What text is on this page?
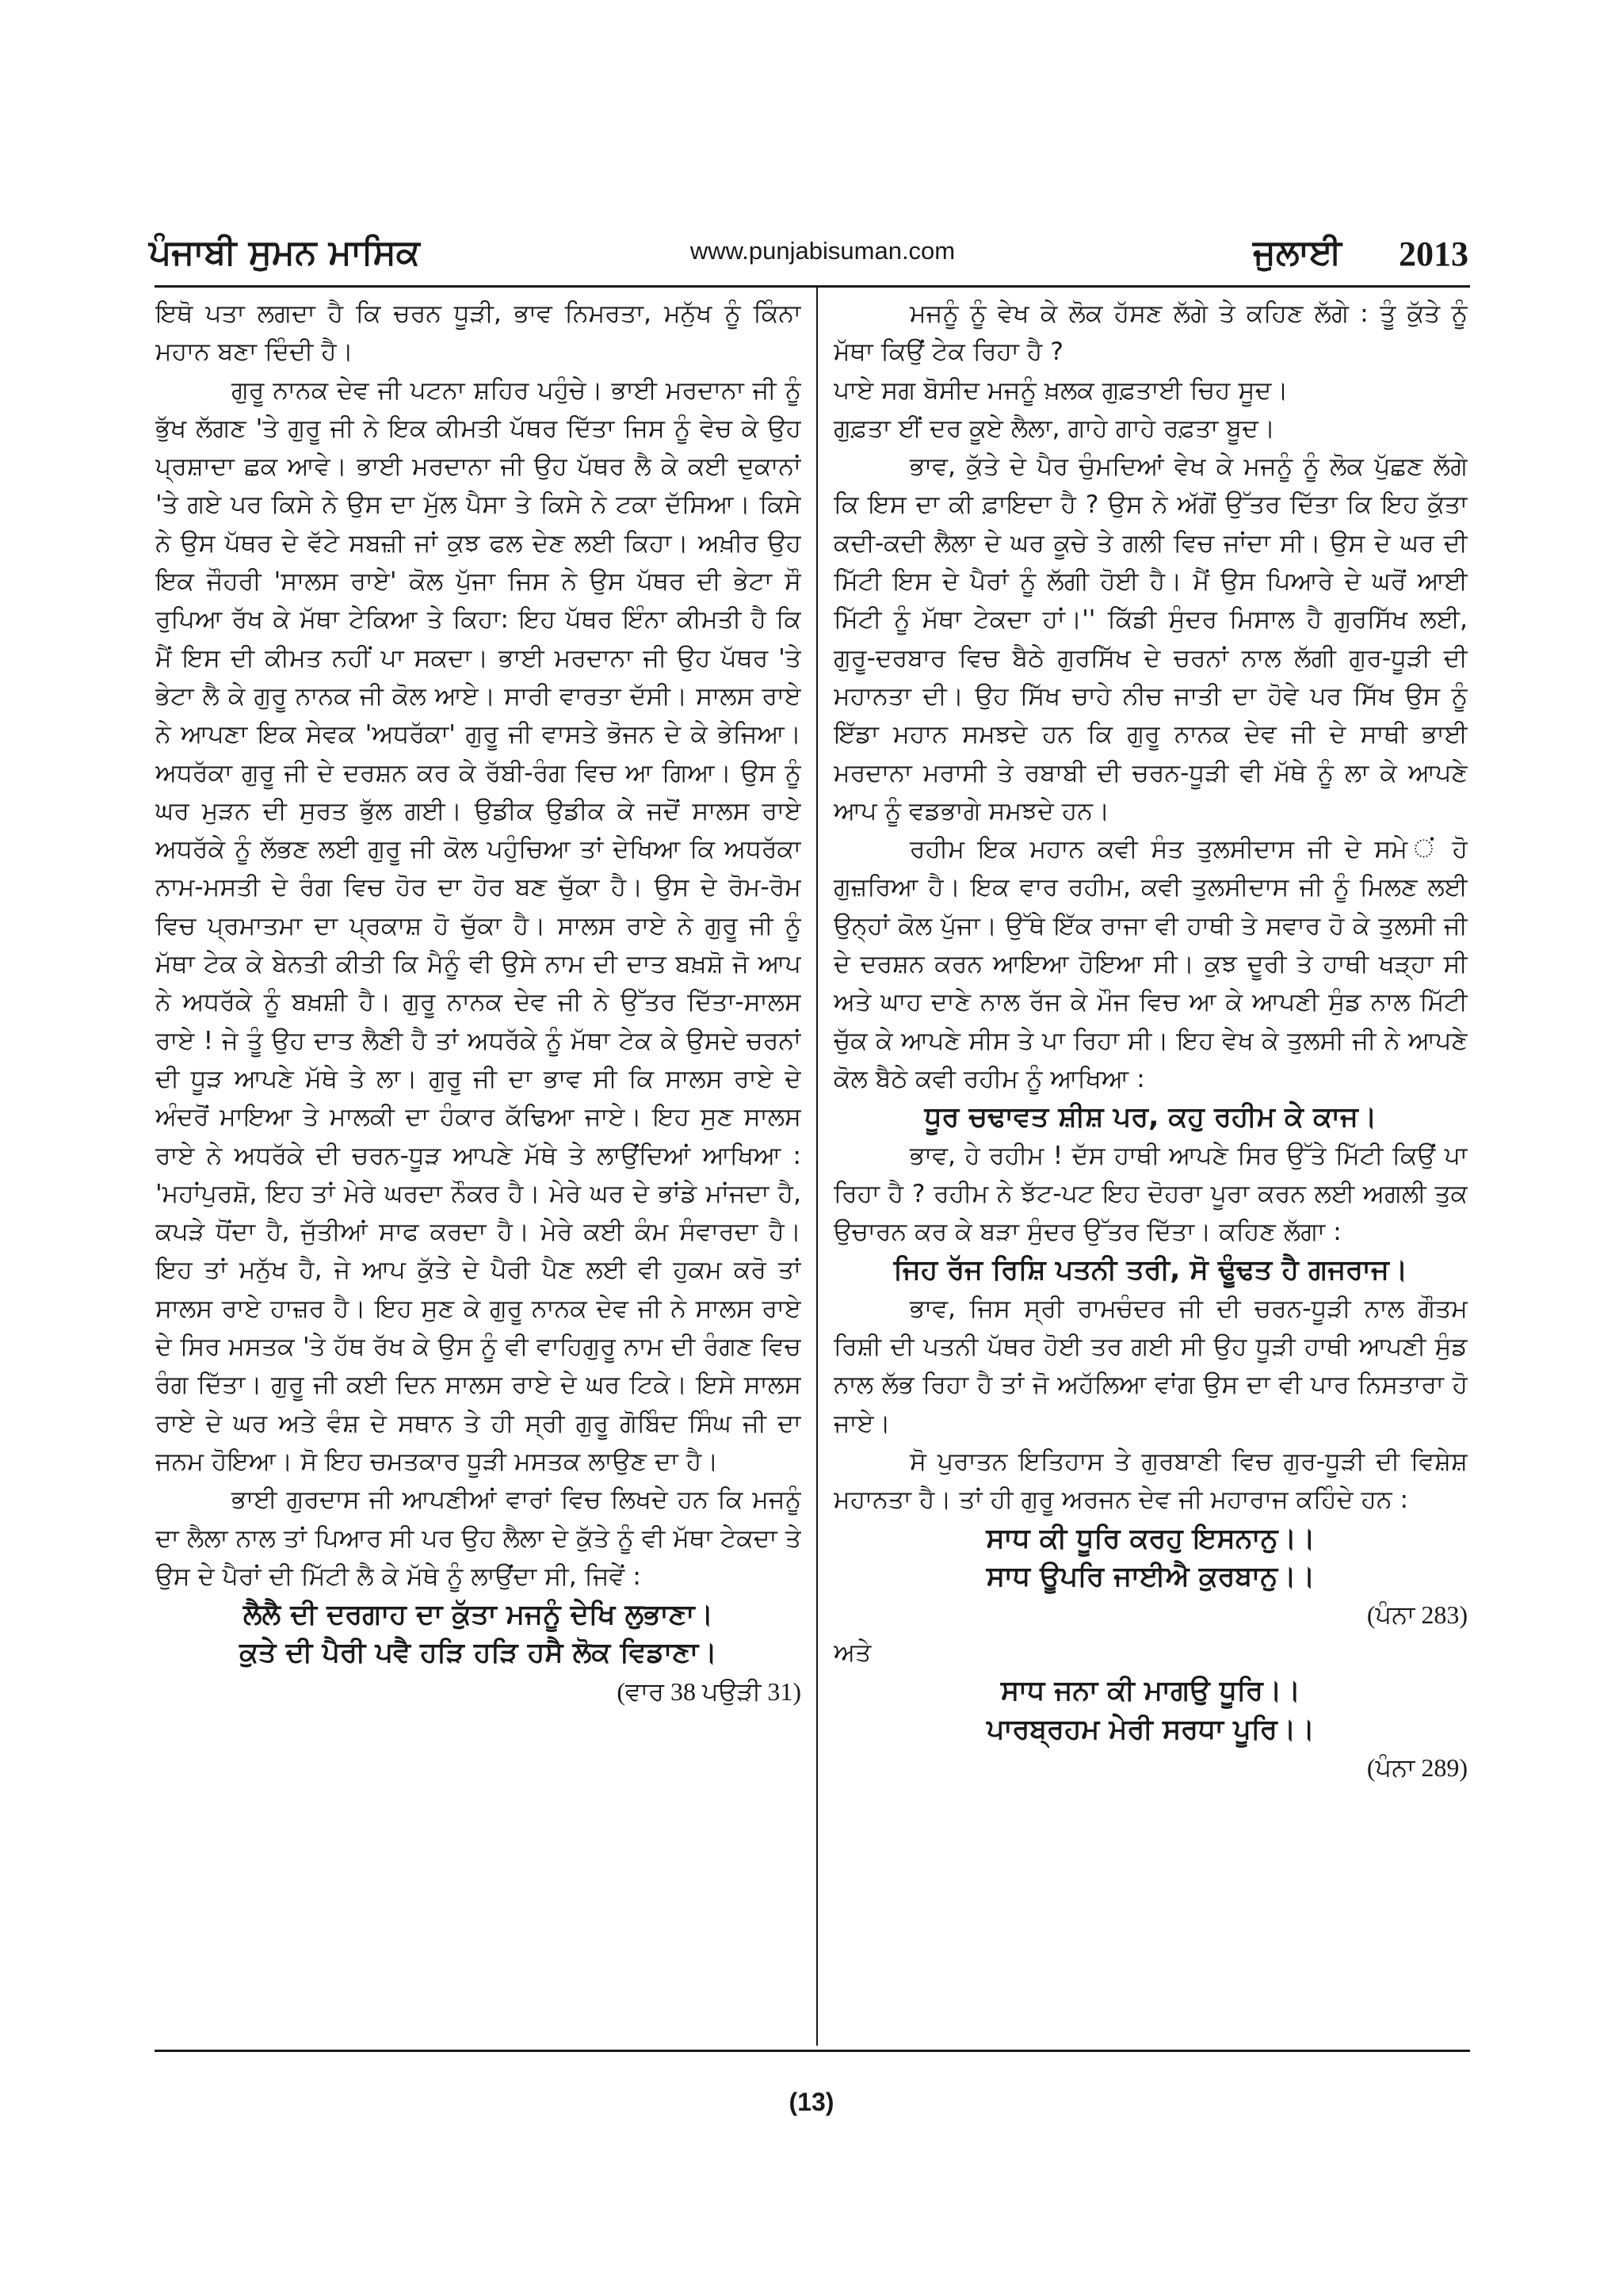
ਪੰਜਾਬੀ ਸੁਮਨ ਮਾਸਿਕ	www.punjabisuman.com	ਜੁਲਾਈ 2013

ਇਥੋ ਪਤਾ ਲਗਦਾ ਹੈ ਕਿ ਚਰਨ ਧੂੜੀ, ਭਾਵ ਨਿਮਰਤਾ, ਮਨੁੱਖ ਨੂੰ ਕਿੰਨਾ ਮਹਾਨ ਬਣਾ ਦਿੰਦੀ ਹੈ।

ਗੁਰੂ ਨਾਨਕ ਦੇਵ ਜੀ ਪਟਨਾ ਸ਼ਹਿਰ ਪਹੁੰਚੇ। ਭਾਈ ਮਰਦਾਨਾ ਜੀ ਨੂੰ ਭੁੱਖ ਲੱਗਣ 'ਤੇ ਗੁਰੂ ਜੀ ਨੇ ਇਕ ਕੀਮਤੀ ਪੱਥਰ ਦਿੱਤਾ ਜਿਸ ਨੂੰ ਵੇਚ ਕੇ ਉਹ ਪ੍ਰਸ਼ਾਦਾ ਛਕ ਆਵੇ। ਭਾਈ ਮਰਦਾਨਾ ਜੀ ਉਹ ਪੱਥਰ ਲੈ ਕੇ ਕਈ ਦੁਕਾਨਾਂ 'ਤੇ ਗਏ ਪਰ ਕਿਸੇ ਨੇ ਉਸ ਦਾ ਮੁੱਲ ਪੈਸਾ ਤੇ ਕਿਸੇ ਨੇ ਟਕਾ ਦੱਸਿਆ। ਕਿਸੇ ਨੇ ਉਸ ਪੱਥਰ ਦੇ ਵੱਟੇ ਸਬਜ਼ੀ ਜਾਂ ਕੁਝ ਫਲ ਦੇਣ ਲਈ ਕਿਹਾ। ਅਖ਼ੀਰ ਉਹ ਇਕ ਜੌਹਰੀ 'ਸਾਲਸ ਰਾਏ' ਕੋਲ ਪੁੱਜਾ ਜਿਸ ਨੇ ਉਸ ਪੱਥਰ ਦੀ ਭੇਟਾ ਸੌ ਰੁਪਿਆ ਰੱਖ ਕੇ ਮੱਥਾ ਟੇਕਿਆ ਤੇ ਕਿਹਾ: ਇਹ ਪੱਥਰ ਇੰਨਾ ਕੀਮਤੀ ਹੈ ਕਿ ਮੈਂ ਇਸ ਦੀ ਕੀਮਤ ਨਹੀਂ ਪਾ ਸਕਦਾ। ਭਾਈ ਮਰਦਾਨਾ ਜੀ ਉਹ ਪੱਥਰ 'ਤੇ ਭੇਟਾ ਲੈ ਕੇ ਗੁਰੂ ਨਾਨਕ ਜੀ ਕੋਲ ਆਏ। ਸਾਰੀ ਵਾਰਤਾ ਦੱਸੀ। ਸਾਲਸ ਰਾਏ ਨੇ ਆਪਣਾ ਇਕ ਸੇਵਕ 'ਅਧਰੱਕਾ' ਗੁਰੂ ਜੀ ਵਾਸਤੇ ਭੋਜਨ ਦੇ ਕੇ ਭੇਜਿਆ। ਅਧਰੱਕਾ ਗੁਰੂ ਜੀ ਦੇ ਦਰਸ਼ਨ ਕਰ ਕੇ ਰੱਬੀ-ਰੰਗ ਵਿਚ ਆ ਗਿਆ। ਉਸ ਨੂੰ ਘਰ ਮੁੜਨ ਦੀ ਸੁਰਤ ਭੁੱਲ ਗਈ। ਉਡੀਕ ਉਡੀਕ ਕੇ ਜਦੋਂ ਸਾਲਸ ਰਾਏ ਅਧਰੱਕੇ ਨੂੰ ਲੱਭਣ ਲਈ ਗੁਰੂ ਜੀ ਕੋਲ ਪਹੁੰਚਿਆ ਤਾਂ ਦੇਖਿਆ ਕਿ ਅਧਰੱਕਾ ਨਾਮ-ਮਸਤੀ ਦੇ ਰੰਗ ਵਿਚ ਹੋਰ ਦਾ ਹੋਰ ਬਣ ਚੁੱਕਾ ਹੈ। ਉਸ ਦੇ ਰੋਮ-ਰੋਮ ਵਿਚ ਪ੍ਰਮਾਤਮਾ ਦਾ ਪ੍ਰਕਾਸ਼ ਹੋ ਚੁੱਕਾ ਹੈ। ਸਾਲਸ ਰਾਏ ਨੇ ਗੁਰੂ ਜੀ ਨੂੰ ਮੱਥਾ ਟੇਕ ਕੇ ਬੇਨਤੀ ਕੀਤੀ ਕਿ ਮੈਨੂੰ ਵੀ ਉਸੇ ਨਾਮ ਦੀ ਦਾਤ ਬਖ਼ਸ਼ੋ ਜੋ ਆਪ ਨੇ ਅਧਰੱਕੇ ਨੂੰ ਬਖ਼ਸ਼ੀ ਹੈ। ਗੁਰੂ ਨਾਨਕ ਦੇਵ ਜੀ ਨੇ ਉੱਤਰ ਦਿੱਤਾ-ਸਾਲਸ ਰਾਏ ! ਜੇ ਤੂੰ ਉਹ ਦਾਤ ਲੈਣੀ ਹੈ ਤਾਂ ਅਧਰੱਕੇ ਨੂੰ ਮੱਥਾ ਟੇਕ ਕੇ ਉਸਦੇ ਚਰਨਾਂ ਦੀ ਧੂੜ ਆਪਣੇ ਮੱਥੇ ਤੇ ਲਾ। ਗੁਰੂ ਜੀ ਦਾ ਭਾਵ ਸੀ ਕਿ ਸਾਲਸ ਰਾਏ ਦੇ ਅੰਦਰੋਂ ਮਾਇਆ ਤੇ ਮਾਲਕੀ ਦਾ ਹੰਕਾਰ ਕੱਢਿਆ ਜਾਏ। ਇਹ ਸੁਣ ਸਾਲਸ ਰਾਏ ਨੇ ਅਧਰੱਕੇ ਦੀ ਚਰਨ-ਧੂੜ ਆਪਣੇ ਮੱਥੇ ਤੇ ਲਾਉਂਦਿਆਂ ਆਖਿਆ : 'ਮਹਾਂਪੁਰਸ਼ੋ, ਇਹ ਤਾਂ ਮੇਰੇ ਘਰਦਾ ਨੌਕਰ ਹੈ। ਮੇਰੇ ਘਰ ਦੇ ਭਾਂਡੇ ਮਾਂਜਦਾ ਹੈ, ਕਪੜੇ ਧੋਂਦਾ ਹੈ, ਜੁੱਤੀਆਂ ਸਾਫ ਕਰਦਾ ਹੈ। ਮੇਰੇ ਕਈ ਕੰਮ ਸੰਵਾਰਦਾ ਹੈ। ਇਹ ਤਾਂ ਮਨੁੱਖ ਹੈ, ਜੇ ਆਪ ਕੁੱਤੇ ਦੇ ਪੈਰੀ ਪੈਣ ਲਈ ਵੀ ਹੁਕਮ ਕਰੋ ਤਾਂ ਸਾਲਸ ਰਾਏ ਹਾਜ਼ਰ ਹੈ। ਇਹ ਸੁਣ ਕੇ ਗੁਰੂ ਨਾਨਕ ਦੇਵ ਜੀ ਨੇ ਸਾਲਸ ਰਾਏ ਦੇ ਸਿਰ ਮਸਤਕ 'ਤੇ ਹੱਥ ਰੱਖ ਕੇ ਉਸ ਨੂੰ ਵੀ ਵਾਹਿਗੁਰੂ ਨਾਮ ਦੀ ਰੰਗਣ ਵਿਚ ਰੰਗ ਦਿੱਤਾ। ਗੁਰੂ ਜੀ ਕਈ ਦਿਨ ਸਾਲਸ ਰਾਏ ਦੇ ਘਰ ਟਿਕੇ। ਇਸੇ ਸਾਲਸ ਰਾਏ ਦੇ ਘਰ ਅਤੇ ਵੰਸ਼ ਦੇ ਸਥਾਨ ਤੇ ਹੀ ਸ੍ਰੀ ਗੁਰੂ ਗੋਬਿੰਦ ਸਿੰਘ ਜੀ ਦਾ ਜਨਮ ਹੋਇਆ। ਸੋ ਇਹ ਚਮਤਕਾਰ ਧੂੜੀ ਮਸਤਕ ਲਾਉਣ ਦਾ ਹੈ।

ਭਾਈ ਗੁਰਦਾਸ ਜੀ ਆਪਣੀਆਂ ਵਾਰਾਂ ਵਿਚ ਲਿਖਦੇ ਹਨ ਕਿ ਮਜਨੂੰ ਦਾ ਲੈਲਾ ਨਾਲ ਤਾਂ ਪਿਆਰ ਸੀ ਪਰ ਉਹ ਲੈਲਾ ਦੇ ਕੁੱਤੇ ਨੂੰ ਵੀ ਮੱਥਾ ਟੇਕਦਾ ਤੇ ਉਸ ਦੇ ਪੈਰਾਂ ਦੀ ਮਿੱਟੀ ਲੈ ਕੇ ਮੱਥੇ ਨੂੰ ਲਾਉਂਦਾ ਸੀ, ਜਿਵੇਂ :

ਲੈਲੈ ਦੀ ਦਰਗਾਹ ਦਾ ਕੁੱਤਾ ਮਜਨੂੰ ਦੇਖਿ ਲੁਭਾਣਾ।

ਕੁਤੇ ਦੀ ਪੈਰੀ ਪਵੈ ਹੜਿ ਹੜਿ ਹਸੈ ਲੋਕ ਵਿਡਾਣਾ।

(ਵਾਰ 38 ਪਉੜੀ 31)

ਮਜਨੂੰ ਨੂੰ ਵੇਖ ਕੇ ਲੋਕ ਹੱਸਣ ਲੱਗੇ ਤੇ ਕਹਿਣ ਲੱਗੇ : ਤੂੰ ਕੁੱਤੇ ਨੂੰ ਮੱਥਾ ਕਿਉਂ ਟੇਕ ਰਿਹਾ ਹੈ ?

ਪਾਏ ਸਗ ਬੋਸੀਦ ਮਜਨੂੰ ਖ਼ਲਕ ਗੁਫ਼ਤਾਈ ਚਿਹ ਸੂਦ।

ਗੁਫ਼ਤਾ ਈਂ ਦਰ ਕੂਏ ਲੈਲਾ, ਗਾਹੇ ਗਾਹੇ ਰਫ਼ਤਾ ਬੂਦ।

ਭਾਵ, ਕੁੱਤੇ ਦੇ ਪੈਰ ਚੁੰਮਦਿਆਂ ਵੇਖ ਕੇ ਮਜਨੂੰ ਨੂੰ ਲੋਕ ਪੁੱਛਣ ਲੱਗੇ ਕਿ ਇਸ ਦਾ ਕੀ ਫ਼ਾਇਦਾ ਹੈ ? ਉਸ ਨੇ ਅੱਗੋਂ ਉੱਤਰ ਦਿੱਤਾ ਕਿ ਇਹ ਕੁੱਤਾ ਕਦੀ-ਕਦੀ ਲੈਲਾ ਦੇ ਘਰ ਕੂਚੇ ਤੇ ਗਲੀ ਵਿਚ ਜਾਂਦਾ ਸੀ। ਉਸ ਦੇ ਘਰ ਦੀ ਮਿੱਟੀ ਇਸ ਦੇ ਪੈਰਾਂ ਨੂੰ ਲੱਗੀ ਹੋਈ ਹੈ। ਮੈਂ ਉਸ ਪਿਆਰੇ ਦੇ ਘਰੋਂ ਆਈ ਮਿੱਟੀ ਨੂੰ ਮੱਥਾ ਟੇਕਦਾ ਹਾਂ।'' ਕਿੱਡੀ ਸੁੰਦਰ ਮਿਸਾਲ ਹੈ ਗੁਰਸਿੱਖ ਲਈ, ਗੁਰੂ-ਦਰਬਾਰ ਵਿਚ ਬੈਠੇ ਗੁਰਸਿੱਖ ਦੇ ਚਰਨਾਂ ਨਾਲ ਲੱਗੀ ਗੁਰ-ਧੂੜੀ ਦੀ ਮਹਾਨਤਾ ਦੀ। ਉਹ ਸਿੱਖ ਚਾਹੇ ਨੀਚ ਜਾਤੀ ਦਾ ਹੋਵੇ ਪਰ ਸਿੱਖ ਉਸ ਨੂੰ ਇੱਡਾ ਮਹਾਨ ਸਮਝਦੇ ਹਨ ਕਿ ਗੁਰੂ ਨਾਨਕ ਦੇਵ ਜੀ ਦੇ ਸਾਥੀ ਭਾਈ ਮਰਦਾਨਾ ਮਰਾਸੀ ਤੇ ਰਬਾਬੀ ਦੀ ਚਰਨ-ਧੂੜੀ ਵੀ ਮੱਥੇ ਨੂੰ ਲਾ ਕੇ ਆਪਣੇ ਆਪ ਨੂੰ ਵਡਭਾਗੇ ਸਮਝਦੇ ਹਨ।

ਰਹੀਮ ਇਕ ਮਹਾਨ ਕਵੀ ਸੰਤ ਤੁਲਸੀਦਾਸ ਜੀ ਦੇ ਸਮੇ ਂ ਹੋ ਗੁਜ਼ਰਿਆ ਹੈ। ਇਕ ਵਾਰ ਰਹੀਮ, ਕਵੀ ਤੁਲਸੀਦਾਸ ਜੀ ਨੂੰ ਮਿਲਣ ਲਈ ਉਨ੍ਹਾਂ ਕੋਲ ਪੁੱਜਾ। ਉੱਥੇ ਇੱਕ ਰਾਜਾ ਵੀ ਹਾਥੀ ਤੇ ਸਵਾਰ ਹੋ ਕੇ ਤੁਲਸੀ ਜੀ ਦੇ ਦਰਸ਼ਨ ਕਰਨ ਆਇਆ ਹੋਇਆ ਸੀ। ਕੁਝ ਦੂਰੀ ਤੇ ਹਾਥੀ ਖੜ੍ਹਾ ਸੀ ਅਤੇ ਘਾਹ ਦਾਣੇ ਨਾਲ ਰੱਜ ਕੇ ਮੌਜ ਵਿਚ ਆ ਕੇ ਆਪਣੀ ਸੁੰਡ ਨਾਲ ਮਿੱਟੀ ਚੁੱਕ ਕੇ ਆਪਣੇ ਸੀਸ ਤੇ ਪਾ ਰਿਹਾ ਸੀ। ਇਹ ਵੇਖ ਕੇ ਤੁਲਸੀ ਜੀ ਨੇ ਆਪਣੇ ਕੋਲ ਬੈਠੇ ਕਵੀ ਰਹੀਮ ਨੂੰ ਆਖਿਆ :

ਧੂਰ ਚਢਾਵਤ ਸ਼ੀਸ਼ ਪਰ, ਕਹੁ ਰਹੀਮ ਕੇ ਕਾਜ।

ਭਾਵ, ਹੇ ਰਹੀਮ ! ਦੱਸ ਹਾਥੀ ਆਪਣੇ ਸਿਰ ਉੱਤੇ ਮਿੱਟੀ ਕਿਉਂ ਪਾ ਰਿਹਾ ਹੈ ? ਰਹੀਮ ਨੇ ਝੱਟ-ਪਟ ਇਹ ਦੋਹਰਾ ਪੂਰਾ ਕਰਨ ਲਈ ਅਗਲੀ ਤੁਕ ਉਚਾਰਨ ਕਰ ਕੇ ਬੜਾ ਸੁੰਦਰ ਉੱਤਰ ਦਿੱਤਾ। ਕਹਿਣ ਲੱਗਾ :

ਜਿਹ ਰੱਜ ਰਿਸ਼ਿ ਪਤਨੀ ਤਰੀ, ਸੋ ਢੂੰਢਤ ਹੈ ਗਜਰਾਜ।

ਭਾਵ, ਜਿਸ ਸ੍ਰੀ ਰਾਮਚੰਦਰ ਜੀ ਦੀ ਚਰਨ-ਧੂੜੀ ਨਾਲ ਗੌਤਮ ਰਿਸ਼ੀ ਦੀ ਪਤਨੀ ਪੱਥਰ ਹੋਈ ਤਰ ਗਈ ਸੀ ਉਹ ਧੂੜੀ ਹਾਥੀ ਆਪਣੀ ਸੁੰਡ ਨਾਲ ਲੱਭ ਰਿਹਾ ਹੈ ਤਾਂ ਜੋ ਅਹੱਲਿਆ ਵਾਂਗ ਉਸ ਦਾ ਵੀ ਪਾਰ ਨਿਸਤਾਰਾ ਹੋ ਜਾਏ।

ਸੋ ਪੁਰਾਤਨ ਇਤਿਹਾਸ ਤੇ ਗੁਰਬਾਣੀ ਵਿਚ ਗੁਰ-ਧੂੜੀ ਦੀ ਵਿਸ਼ੇਸ਼ ਮਹਾਨਤਾ ਹੈ। ਤਾਂ ਹੀ ਗੁਰੂ ਅਰਜਨ ਦੇਵ ਜੀ ਮਹਾਰਾਜ ਕਹਿੰਦੇ ਹਨ :

ਸਾਧ ਕੀ ਧੂਰਿ ਕਰਹੁ ਇਸਨਾਨੁ।।

ਸਾਧ ਊਪਰਿ ਜਾਈਐ ਕੁਰਬਾਨੁ।।

(ਪੰਨਾ 283)

ਅਤੇ

ਸਾਧ ਜਨਾ ਕੀ ਮਾਗਉ ਧੂਰਿ।।

ਪਾਰਬ੍ਰਹਮ ਮੇਰੀ ਸਰਧਾ ਪੂਰਿ।।

(ਪੰਨਾ 289)

(13)
